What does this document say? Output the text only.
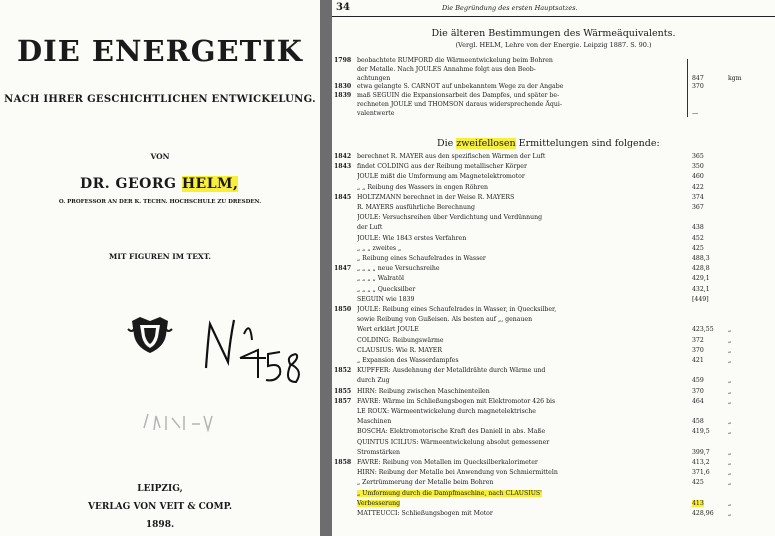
DIE ENERGETIK
NACH IHRER GESCHICHTLICHEN ENTWICKELUNG.
VON
DR. GEORG HELM,
O. PROFESSOR AN DER K. TECHN. HOCHSCHULE ZU DRESDEN.
MIT FIGUREN IM TEXT.
LEIPZIG,
VERLAG VON VEIT & COMP.
1898.
34	Die Begründung des ersten Hauptsatzes.
Die älteren Bestimmungen des Wärmeäquivalents.
(Vergl. HELM, Lehre von der Energie. Leipzig 1887. S. 90.)
1798 beobachtete RUMFORD die Wärmeentwickelung beim Bohren
der Metalle. Nach JOULES Annahme folgt aus den Beob-
achtungen	847	kgm
1830 etwa gelangte S. CARNOT auf unbekanntem Wege zu der Angabe	370
1839 maß SEGUIN die Expansionsarbeit des Dampfes, und später be-
rechneten JOULE und THOMSON daraus widersprechende Äqui-
valentwerte	—
Die zweifellosen Ermittelungen sind folgende:
1842 berechnet R. MAYER aus den spezifischen Wärmen der Luft	365
1843 findet COLDING aus der Reibung metallischer Körper	350
JOULE mißt die Umformung am Magnetelektromotor	460
„ „ Reibung des Wassers in engen Röhren	422
1845 HOLTZMANN berechnet in der Weise R. MAYERS	374
R. MAYERS ausführliche Berechnung	367
JOULE: Versuchsreihen über Verdichtung und Verdünnung
der Luft	438
JOULE: Wie 1843 erstes Verfahren	452
„ „ „ zweites „	425
„ Reibung eines Schaufelrades in Wasser	488,3
1847 „ „ „ „ neue Versuchsreihe	428,8
„ „ „ „ Walratöl	429,1
„ „ „ „ Quecksilber	432,1
SEGUIN wie 1839	[449]
1850 JOULE: Reibung eines Schaufelrades in Wasser, in Quecksilber,
sowie Reibung von Gußeisen. Als besten auf „, genauen
Wert erklärt JOULE	423,55	„
COLDING: Reibungswärme	372	„
CLAUSIUS: Wie R. MAYER	370	„
„ Expansion des Wasserdampfes	421	„
1852 KUPFFER: Ausdehnung der Metalldrähte durch Wärme und
durch Zug	459	„
1855 HIRN: Reibung zwischen Maschinenteilen	370	„
1857 FAVRE: Wärme im Schließungsbogen mit Elektromotor 426 bis	464	„
LE ROUX: Wärmeentwickelung durch magnetelektrische
Maschinen	458	„
BOSCHA: Elektromotorische Kraft des Daniell in abs. Maße	419,5	„
QUINTUS ICILIUS: Wärmeentwickelung absolut gemessener
Stromstärken	399,7	„
1858 FAVRE: Reibung von Metallen im Quecksilberkalorimeter	413,2	„
HIRN: Reibung der Metalle bei Anwendung von Schmiermitteln	371,6	„
„ Zertrümmerung der Metalle beim Bohren	425	„
„ Umformung durch die Dampfmaschine, nach CLAUSIUS'
Verbesserung	413	„
MATTEUCCI: Schließungsbogen mit Motor	428,96	„
